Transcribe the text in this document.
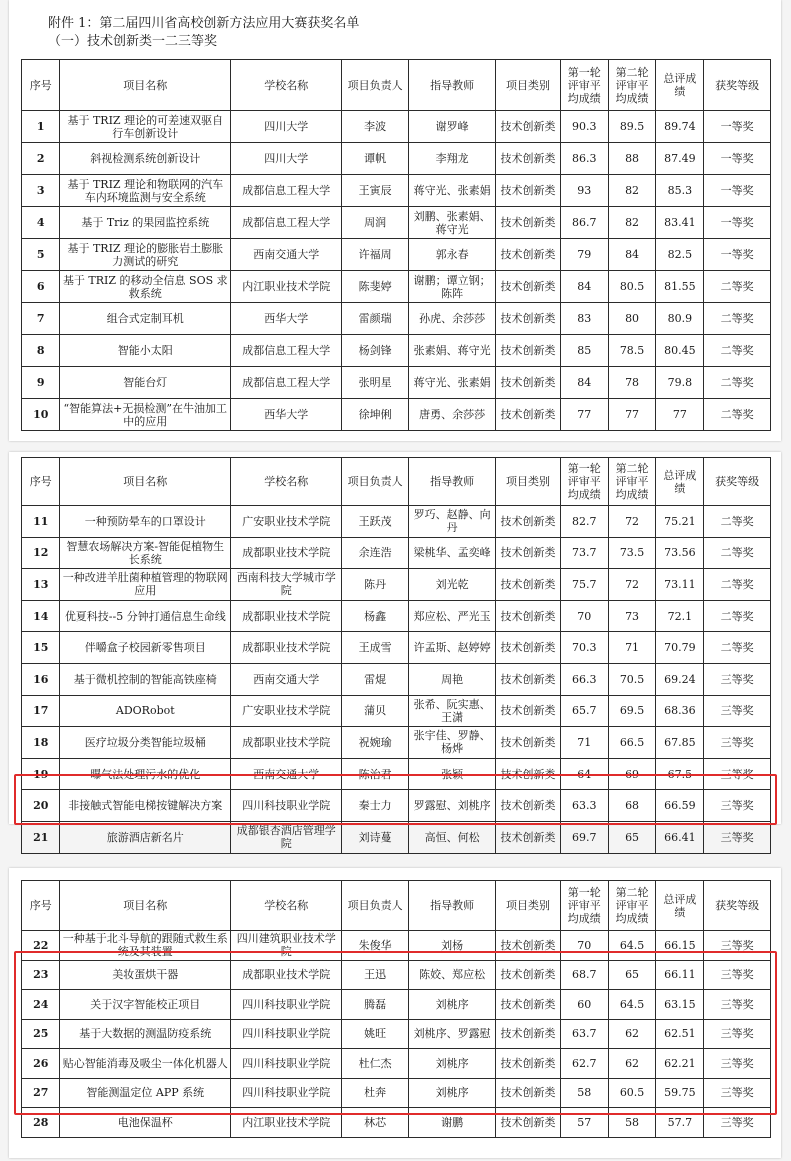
附件 1：第二届四川省高校创新方法应用大赛获奖名单
（一）技术创新类一二三等奖
序号	项目名称	学校名称	项目负责人	指导教师	项目类别	第一轮评审平均成绩	第二轮评审平均成绩	总评成绩	获奖等级
1	基于 TRIZ 理论的可差速双驱自行车创新设计	四川大学	李波	谢罗峰	技术创新类	90.3	89.5	89.74	一等奖
2	斜视检测系统创新设计	四川大学	谭帆	李翔龙	技术创新类	86.3	88	87.49	一等奖
3	基于 TRIZ 理论和物联网的汽车车内环境监测与安全系统	成都信息工程大学	王寅辰	蒋守光、张素娟	技术创新类	93	82	85.3	一等奖
4	基于 Triz 的果园监控系统	成都信息工程大学	周润	刘鹏、张素娟、蒋守光	技术创新类	86.7	82	83.41	一等奖
5	基于 TRIZ 理论的膨胀岩土膨胀力测试的研究	西南交通大学	许福周	郭永春	技术创新类	79	84	82.5	一等奖
6	基于 TRIZ 的移动全信息 SOS 求救系统	内江职业技术学院	陈斐婷	谢鹏；谭立钢；陈阵	技术创新类	84	80.5	81.55	二等奖
7	组合式定制耳机	西华大学	雷颜瑞	孙虎、余莎莎	技术创新类	83	80	80.9	二等奖
8	智能小太阳	成都信息工程大学	杨剑锋	张素娟、蒋守光	技术创新类	85	78.5	80.45	二等奖
9	智能台灯	成都信息工程大学	张明星	蒋守光、张素娟	技术创新类	84	78	79.8	二等奖
10	“智能算法+无损检测”在牛油加工中的应用	西华大学	徐坤俐	唐勇、余莎莎	技术创新类	77	77	77	二等奖
序号	项目名称	学校名称	项目负责人	指导教师	项目类别	第一轮评审平均成绩	第二轮评审平均成绩	总评成绩	获奖等级
11	一种预防晕车的口罩设计	广安职业技术学院	王跃茂	罗巧、赵静、向丹	技术创新类	82.7	72	75.21	二等奖
12	智慧农场解决方案-智能促植物生长系统	成都职业技术学院	余连浩	梁桃华、孟奕峰	技术创新类	73.7	73.5	73.56	二等奖
13	一种改进羊肚菌种植管理的物联网应用	西南科技大学城市学院	陈丹	刘光乾	技术创新类	75.7	72	73.11	二等奖
14	优夏科技--5 分钟打通信息生命线	成都职业技术学院	杨鑫	郑应松、严光玉	技术创新类	70	73	72.1	二等奖
15	伴嚼盒子校园新零售项目	成都职业技术学院	王成雪	许孟斯、赵婷婷	技术创新类	70.3	71	70.79	二等奖
16	基于微机控制的智能高铁座椅	西南交通大学	雷焜	周艳	技术创新类	66.3	70.5	69.24	三等奖
17	ADORobot	广安职业技术学院	蒲贝	张希、阮实惠、王潇	技术创新类	65.7	69.5	68.36	三等奖
18	医疗垃圾分类智能垃圾桶	成都职业技术学院	祝婉瑜	张宇佳、罗静、杨烨	技术创新类	71	66.5	67.85	三等奖
19	曝气法处理污水的优化	西南交通大学	陈治君	张颖	技术创新类	64	69	67.5	三等奖
20	非接触式智能电梯按键解决方案	四川科技职业学院	秦士力	罗露慰、刘桃序	技术创新类	63.3	68	66.59	三等奖
21	旅游酒店新名片	成都银杏酒店管理学院	刘诗蔓	高恒、何松	技术创新类	69.7	65	66.41	三等奖
序号	项目名称	学校名称	项目负责人	指导教师	项目类别	第一轮评审平均成绩	第二轮评审平均成绩	总评成绩	获奖等级
22	一种基于北斗导航的跟随式救生系统及其装置	四川建筑职业技术学院	朱俊华	刘杨	技术创新类	70	64.5	66.15	三等奖
23	美妆蛋烘干器	成都职业技术学院	王迅	陈姣、郑应松	技术创新类	68.7	65	66.11	三等奖
24	关于汉字智能校正项目	四川科技职业学院	腾磊	刘桃序	技术创新类	60	64.5	63.15	三等奖
25	基于大数据的测温防疫系统	四川科技职业学院	姚旺	刘桃序、罗露慰	技术创新类	63.7	62	62.51	三等奖
26	贴心智能消毒及吸尘一体化机器人	四川科技职业学院	杜仁杰	刘桃序	技术创新类	62.7	62	62.21	三等奖
27	智能测温定位 APP 系统	四川科技职业学院	杜奔	刘桃序	技术创新类	58	60.5	59.75	三等奖
28	电池保温杯	内江职业技术学院	林芯	谢鹏	技术创新类	57	58	57.7	三等奖
